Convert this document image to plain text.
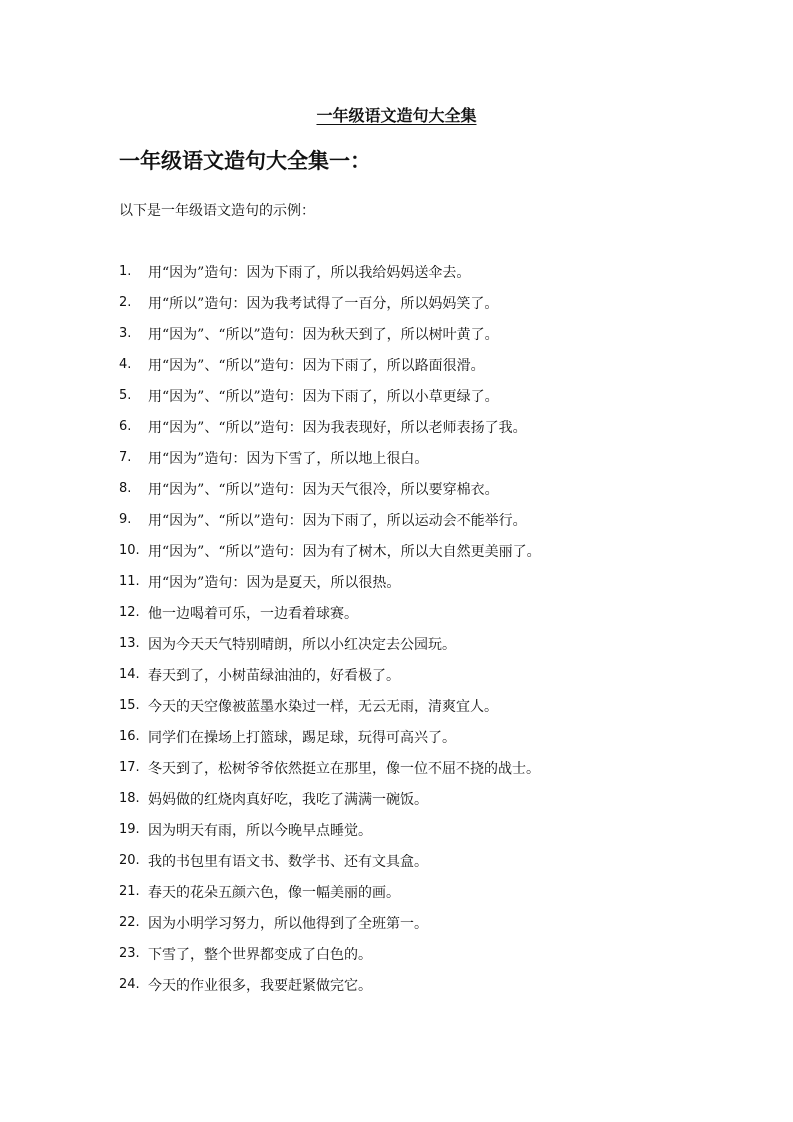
一年级语文造句大全集
一年级语文造句大全集一：
以下是一年级语文造句的示例：
1.	用“因为”造句：因为下雨了，所以我给妈妈送伞去。
2.	用“所以”造句：因为我考试得了一百分，所以妈妈笑了。
3.	用“因为”、“所以”造句：因为秋天到了，所以树叶黄了。
4.	用“因为”、“所以”造句：因为下雨了，所以路面很滑。
5.	用“因为”、“所以”造句：因为下雨了，所以小草更绿了。
6.	用“因为”、“所以”造句：因为我表现好，所以老师表扬了我。
7.	用“因为”造句：因为下雪了，所以地上很白。
8.	用“因为”、“所以”造句：因为天气很冷，所以要穿棉衣。
9.	用“因为”、“所以”造句：因为下雨了，所以运动会不能举行。
10. 用“因为”、“所以”造句：因为有了树木，所以大自然更美丽了。
11. 用“因为”造句：因为是夏天，所以很热。
12. 他一边喝着可乐，一边看着球赛。
13. 因为今天天气特别晴朗，所以小红决定去公园玩。
14. 春天到了，小树苗绿油油的，好看极了。
15. 今天的天空像被蓝墨水染过一样，无云无雨，清爽宜人。
16. 同学们在操场上打篮球，踢足球，玩得可高兴了。
17. 冬天到了，松树爷爷依然挺立在那里，像一位不屈不挠的战士。
18. 妈妈做的红烧肉真好吃，我吃了满满一碗饭。
19. 因为明天有雨，所以今晚早点睡觉。
20. 我的书包里有语文书、数学书、还有文具盒。
21. 春天的花朵五颜六色，像一幅美丽的画。
22. 因为小明学习努力，所以他得到了全班第一。
23. 下雪了，整个世界都变成了白色的。
24. 今天的作业很多，我要赶紧做完它。
